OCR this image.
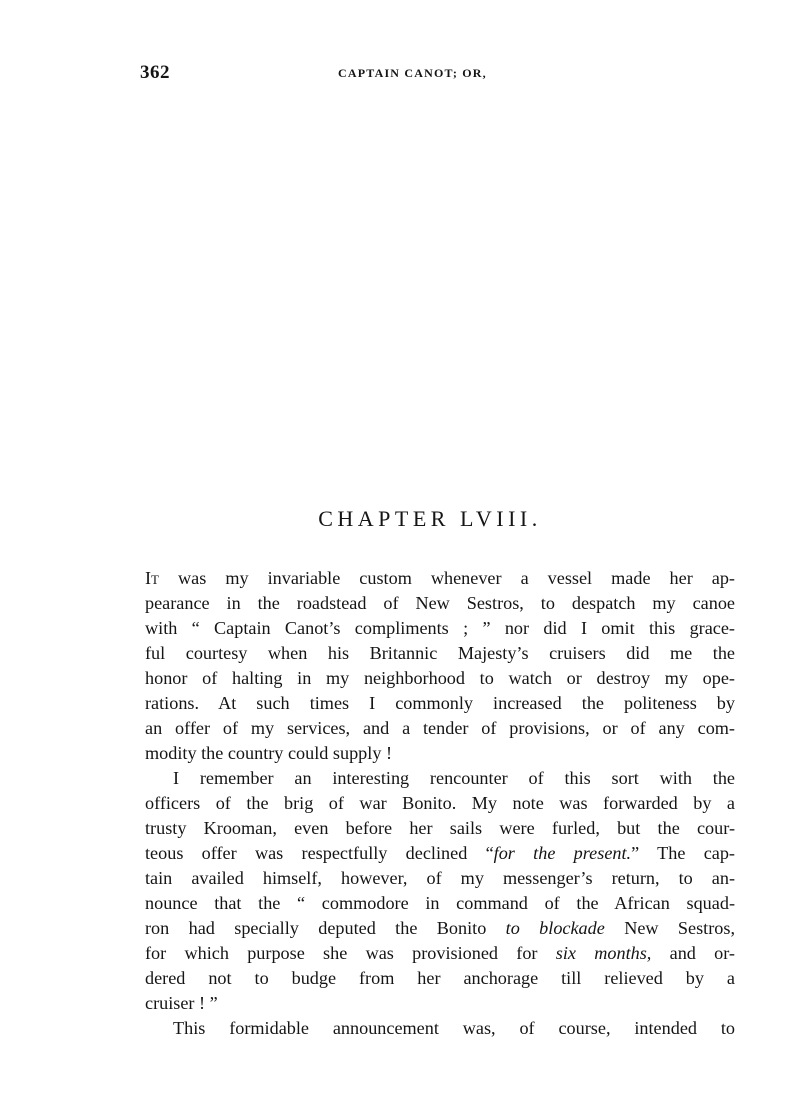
362	CAPTAIN CANOT; OR,
CHAPTER LVIII.
It was my invariable custom whenever a vessel made her ap-
pearance in the roadstead of New Sestros, to despatch my canoe
with “ Captain Canot’s compliments ; ” nor did I omit this grace-
ful courtesy when his Britannic Majesty’s cruisers did me the
honor of halting in my neighborhood to watch or destroy my ope-
rations. At such times I commonly increased the politeness by
an offer of my services, and a tender of provisions, or of any com-
modity the country could supply !
I remember an interesting rencounter of this sort with the
officers of the brig of war Bonito. My note was forwarded by a
trusty Krooman, even before her sails were furled, but the cour-
teous offer was respectfully declined “for the present.” The cap-
tain availed himself, however, of my messenger’s return, to an-
nounce that the “ commodore in command of the African squad-
ron had specially deputed the Bonito to blockade New Sestros,
for which purpose she was provisioned for six months, and or-
dered not to budge from her anchorage till relieved by a
cruiser ! ”
This formidable announcement was, of course, intended to
